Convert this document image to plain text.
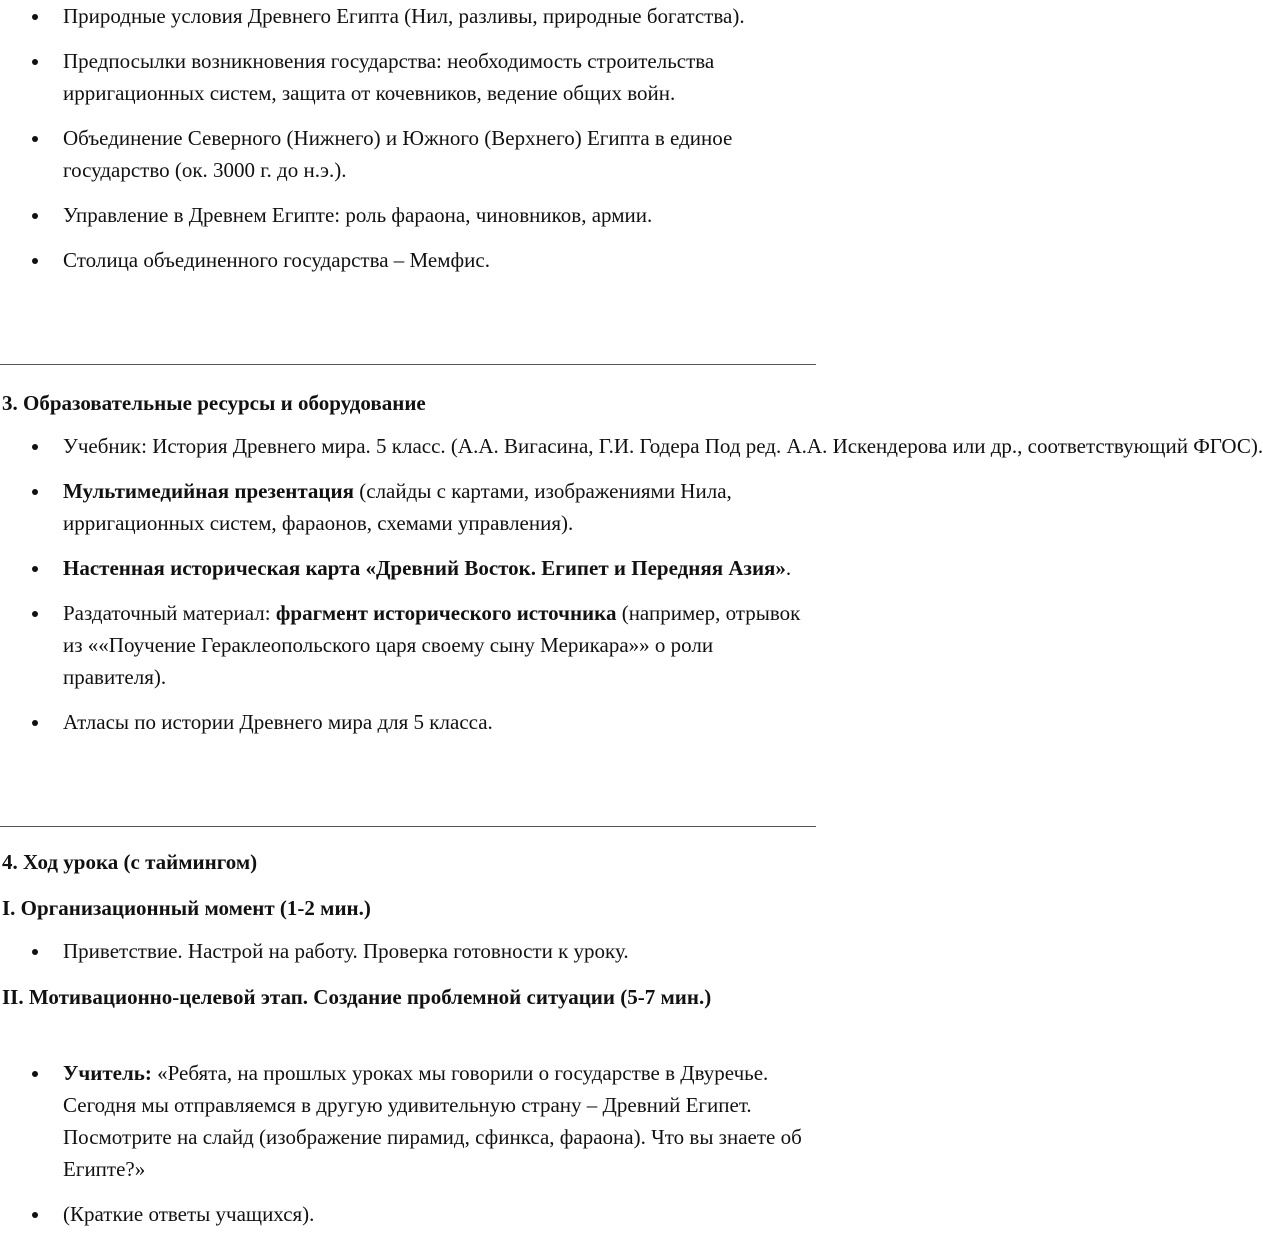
Природные условия Древнего Египта (Нил, разливы, природные богатства).
Предпосылки возникновения государства: необходимость строительства ирригационных систем, защита от кочевников, ведение общих войн.
Объединение Северного (Нижнего) и Южного (Верхнего) Египта в единое государство (ок. 3000 г. до н.э.).
Управление в Древнем Египте: роль фараона, чиновников, армии.
Столица объединенного государства – Мемфис.
3. Образовательные ресурсы и оборудование
Учебник: История Древнего мира. 5 класс. (А.А. Вигасина, Г.И. Годера Под ред. А.А. Искендерова или др., соответствующий ФГОС).
Мультимедийная презентация (слайды с картами, изображениями Нила, ирригационных систем, фараонов, схемами управления).
Настенная историческая карта «Древний Восток. Египет и Передняя Азия».
Раздаточный материал: фрагмент исторического источника (например, отрывок из ««Поучение Гераклеопольского царя своему сыну Мерикара»» о роли правителя).
Атласы по истории Древнего мира для 5 класса.
4. Ход урока (с таймингом)
I. Организационный момент (1-2 мин.)
Приветствие. Настрой на работу. Проверка готовности к уроку.
II. Мотивационно-целевой этап. Создание проблемной ситуации (5-7 мин.)
Учитель: «Ребята, на прошлых уроках мы говорили о государстве в Двуречье. Сегодня мы отправляемся в другую удивительную страну – Древний Египет. Посмотрите на слайд (изображение пирамид, сфинкса, фараона). Что вы знаете об Египте?»
(Краткие ответы учащихся).
